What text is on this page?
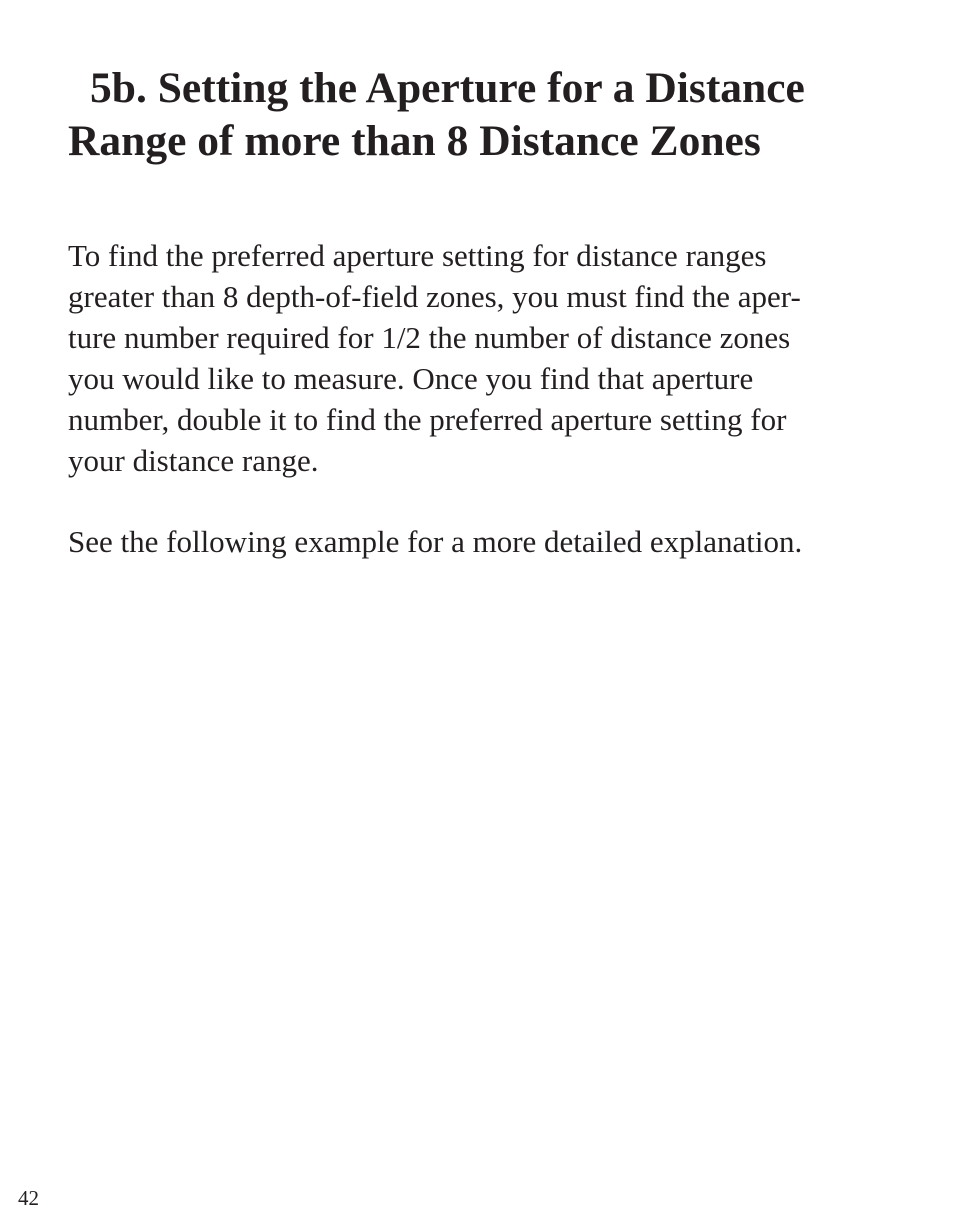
5b. Setting the Aperture for a Distance
Range of more than 8 Distance Zones

To find the preferred aperture setting for distance ranges
greater than 8 depth-of-field zones, you must find the aper-
ture number required for 1/2 the number of distance zones
you would like to measure. Once you find that aperture
number, double it to find the preferred aperture setting for
your distance range.

See the following example for a more detailed explanation.

42
